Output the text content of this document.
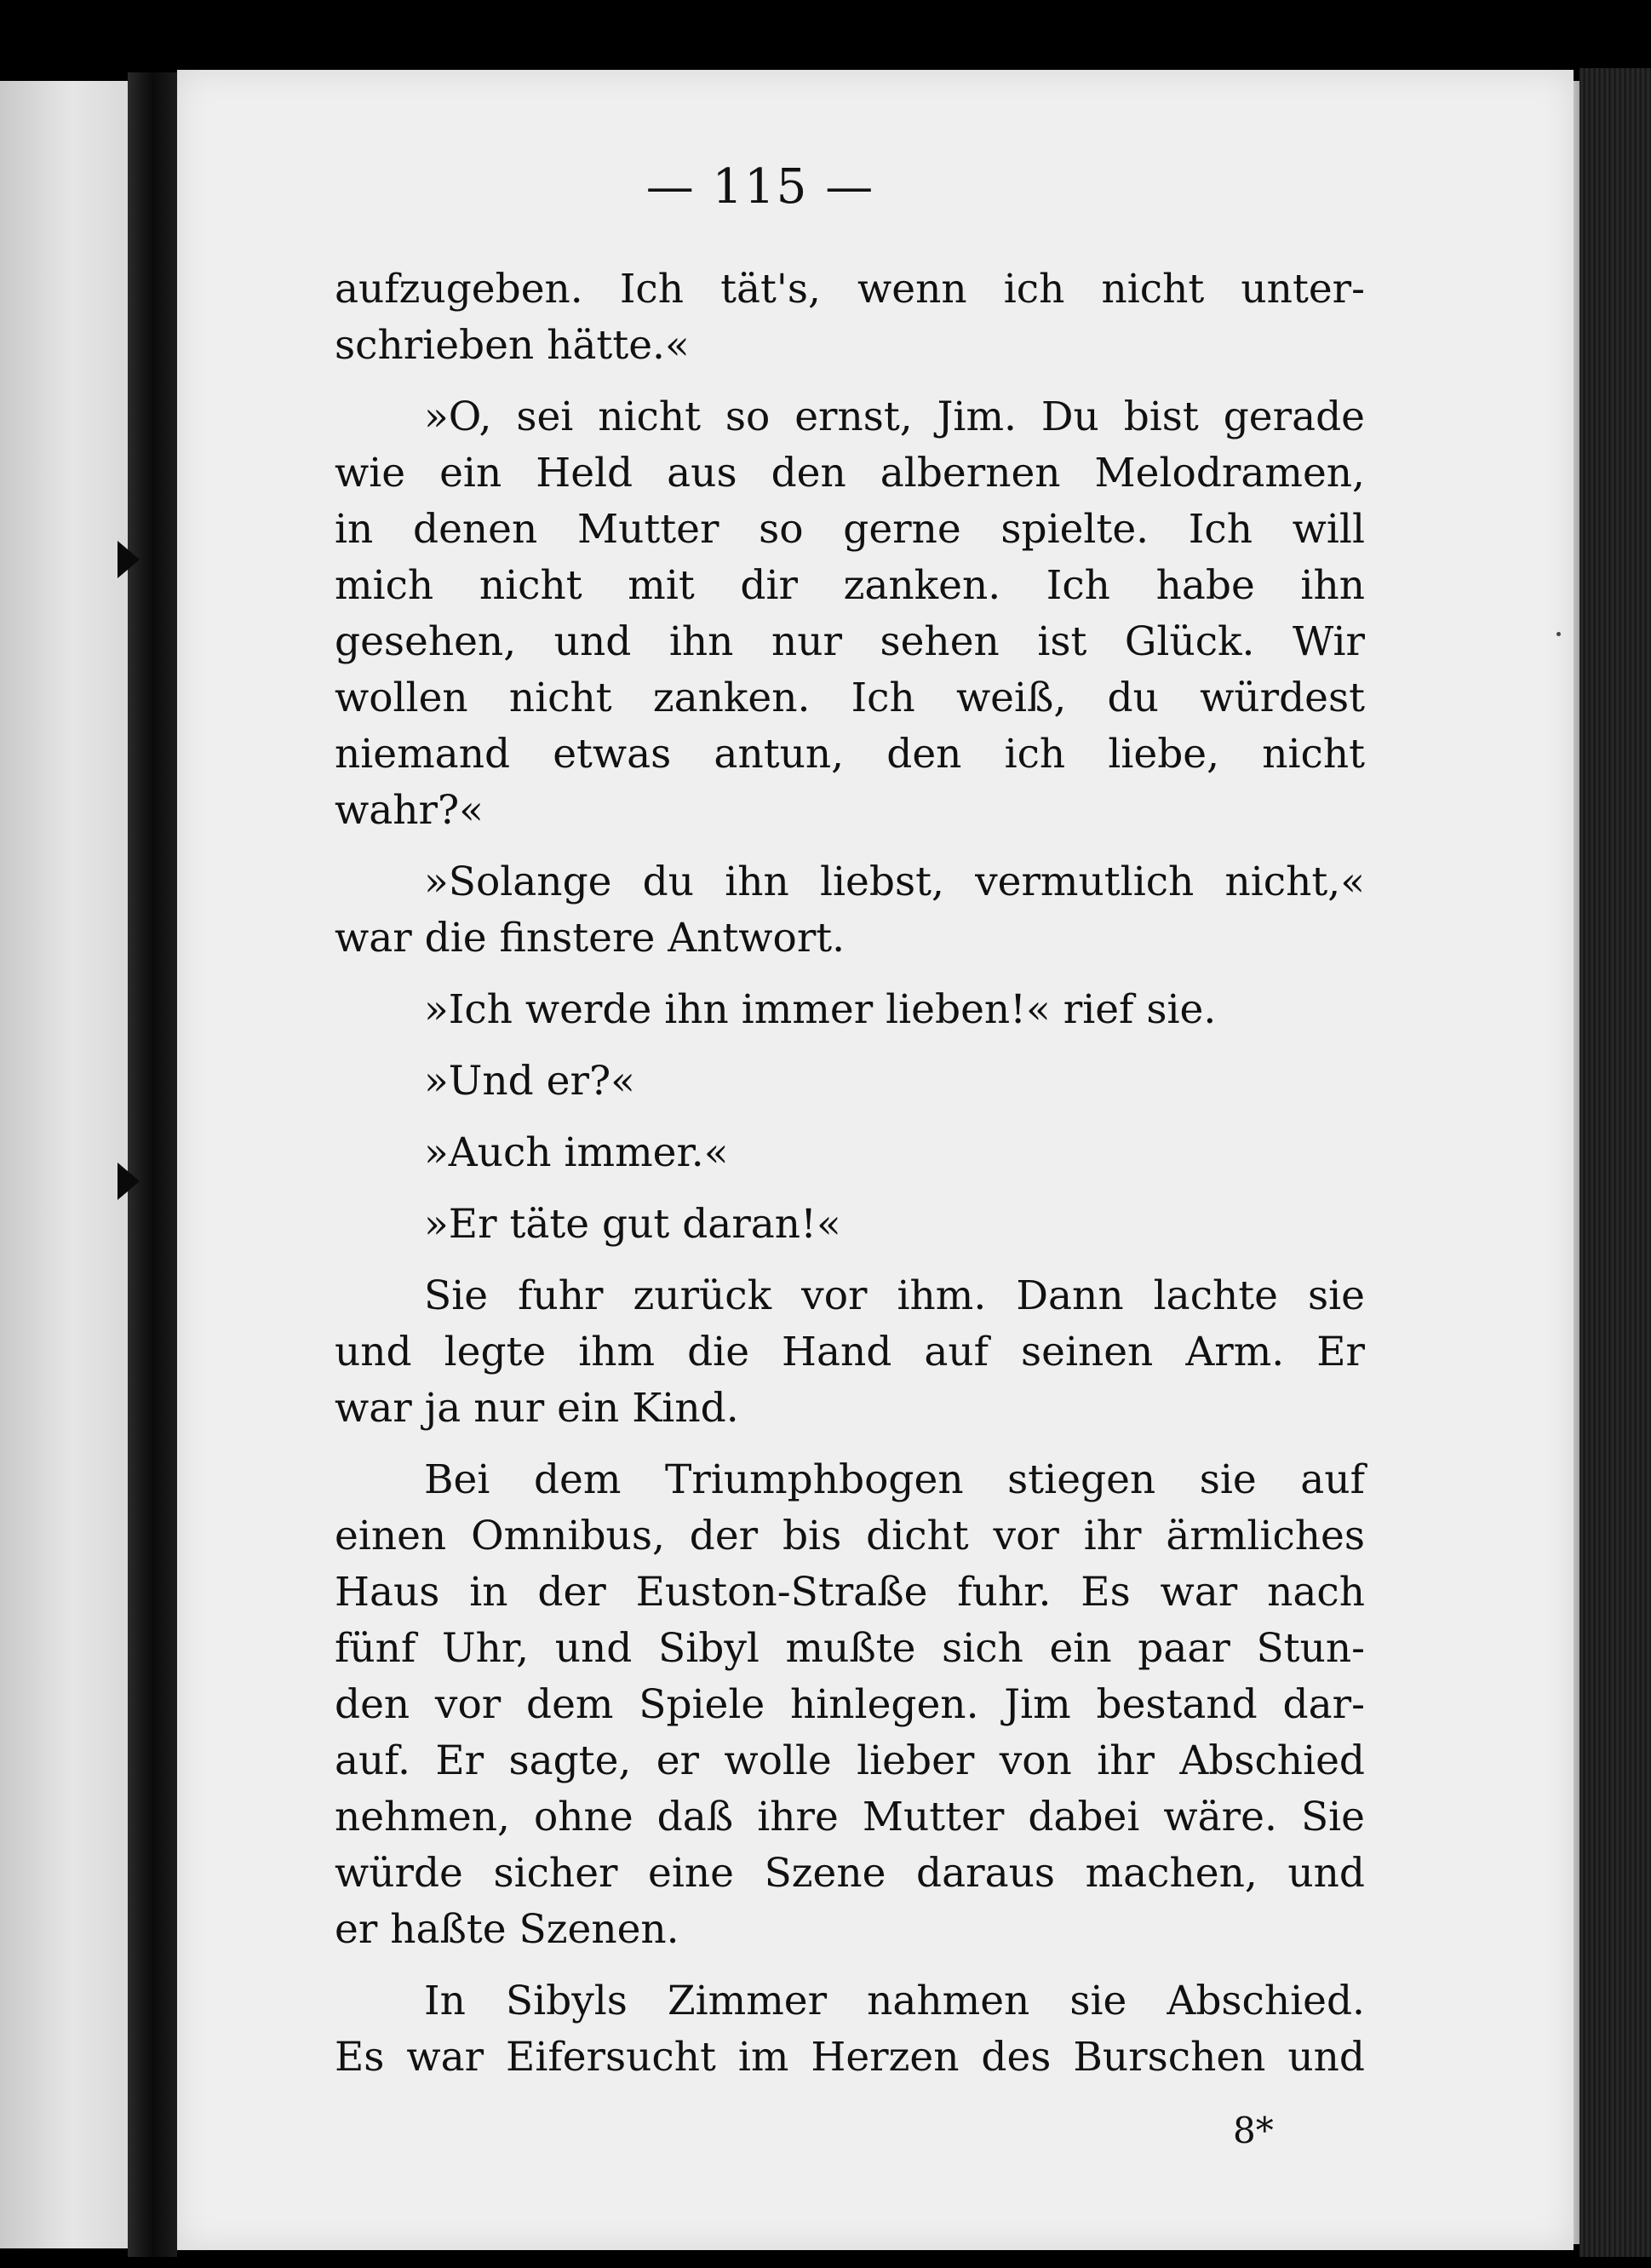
— 115 —
aufzugeben. Ich tät's, wenn ich nicht unter-
schrieben hätte.«
»O, sei nicht so ernst, Jim. Du bist gerade
wie ein Held aus den albernen Melodramen,
in denen Mutter so gerne spielte. Ich will
mich nicht mit dir zanken. Ich habe ihn
gesehen, und ihn nur sehen ist Glück. Wir
wollen nicht zanken. Ich weiß, du würdest
niemand etwas antun, den ich liebe, nicht
wahr?«
»Solange du ihn liebst, vermutlich nicht,«
war die finstere Antwort.
»Ich werde ihn immer lieben!« rief sie.
»Und er?«
»Auch immer.«
»Er täte gut daran!«
Sie fuhr zurück vor ihm. Dann lachte sie
und legte ihm die Hand auf seinen Arm. Er
war ja nur ein Kind.
Bei dem Triumphbogen stiegen sie auf
einen Omnibus, der bis dicht vor ihr ärmliches
Haus in der Euston-Straße fuhr. Es war nach
fünf Uhr, und Sibyl mußte sich ein paar Stun-
den vor dem Spiele hinlegen. Jim bestand dar-
auf. Er sagte, er wolle lieber von ihr Abschied
nehmen, ohne daß ihre Mutter dabei wäre. Sie
würde sicher eine Szene daraus machen, und
er haßte Szenen.
In Sibyls Zimmer nahmen sie Abschied.
Es war Eifersucht im Herzen des Burschen und
8*
